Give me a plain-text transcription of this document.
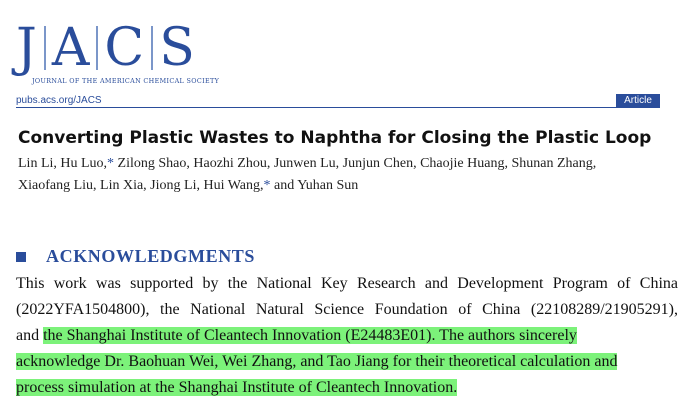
J A C S
JOURNAL OF THE AMERICAN CHEMICAL SOCIETY
pubs.acs.org/JACS	Article
Converting Plastic Wastes to Naphtha for Closing the Plastic Loop
Lin Li, Hu Luo,* Zilong Shao, Haozhi Zhou, Junwen Lu, Junjun Chen, Chaojie Huang, Shunan Zhang,
Xiaofang Liu, Lin Xia, Jiong Li, Hui Wang,* and Yuhan Sun
ACKNOWLEDGMENTS
This work was supported by the National Key Research and Development Program of China
(2022YFA1504800), the National Natural Science Foundation of China (22108289/21905291),
and the Shanghai Institute of Cleantech Innovation (E24483E01). The authors sincerely
acknowledge Dr. Baohuan Wei, Wei Zhang, and Tao Jiang for their theoretical calculation and
process simulation at the Shanghai Institute of Cleantech Innovation.
